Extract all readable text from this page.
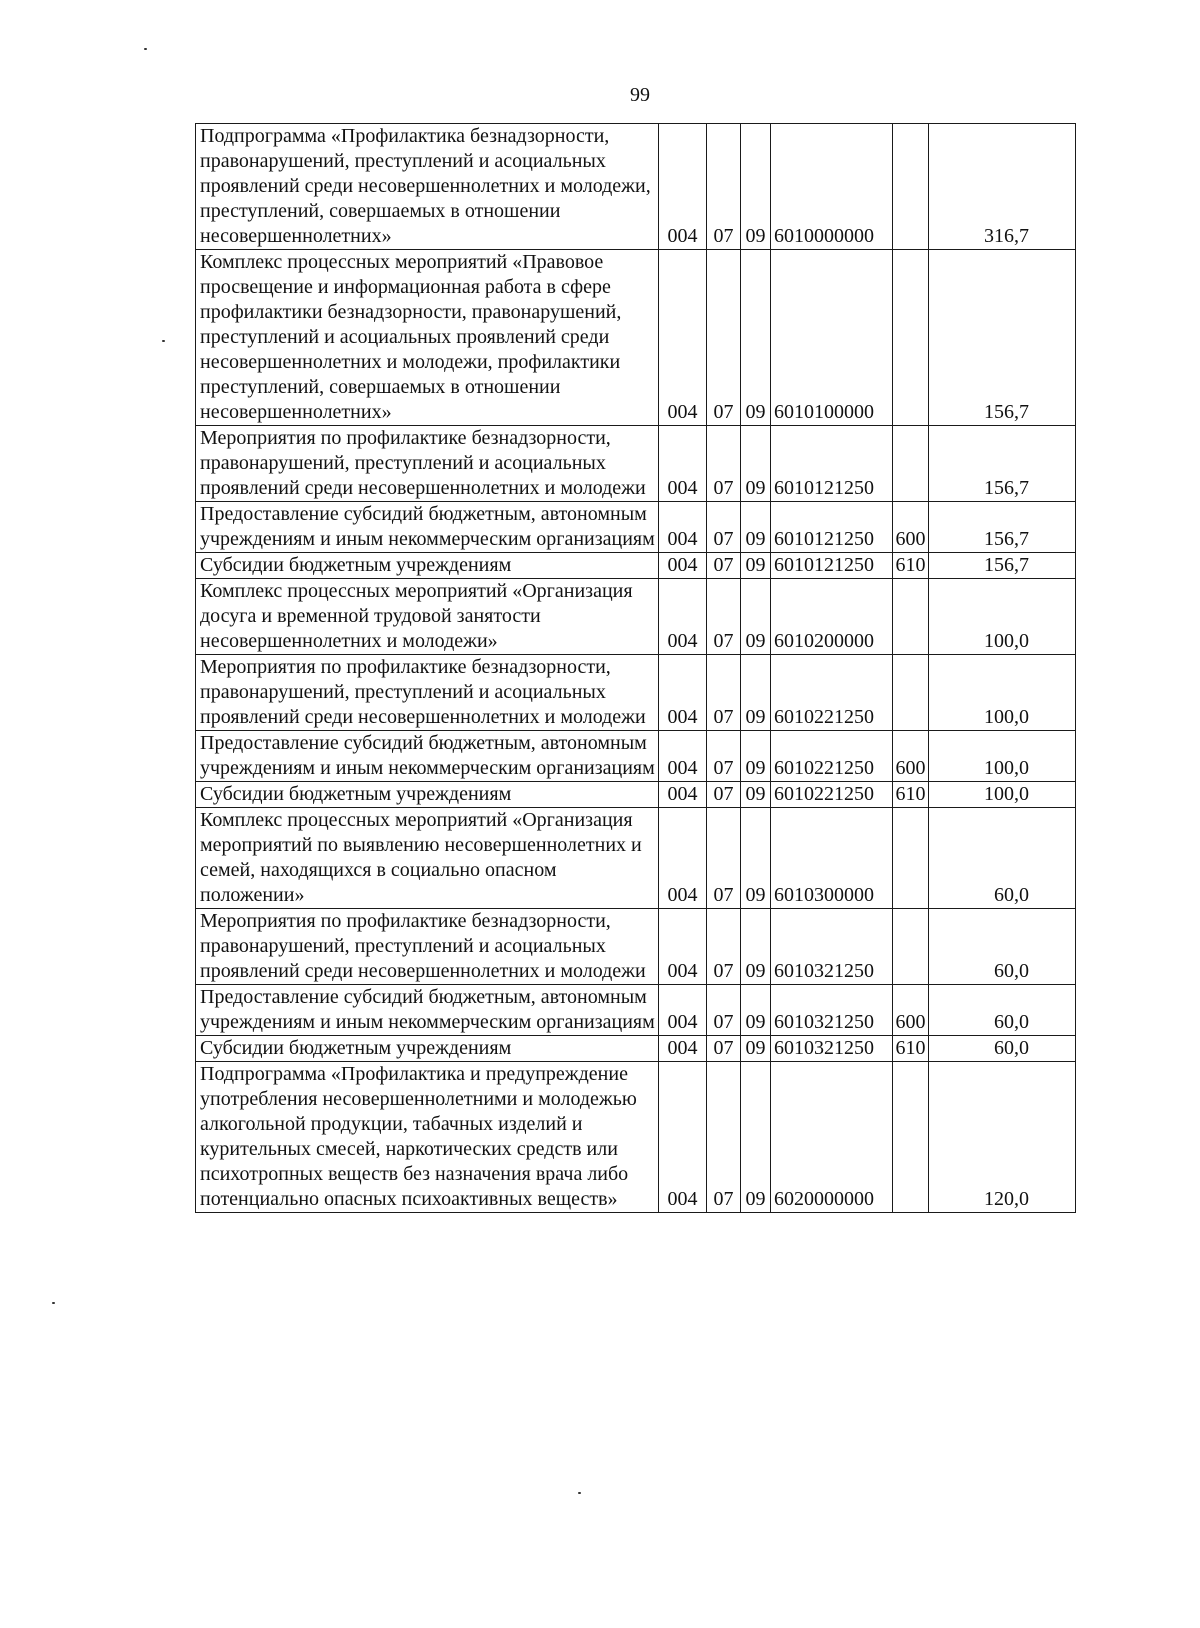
99
Подпрограмма «Профилактика безнадзорности, правонарушений, преступлений и асоциальных проявлений среди несовершеннолетних и молодежи, преступлений, совершаемых в отношении несовершеннолетних»	004	07	09	6010000000		316,7
Комплекс процессных мероприятий «Правовое просвещение и информационная работа в сфере профилактики безнадзорности, правонарушений, преступлений и асоциальных проявлений среди несовершеннолетних и молодежи, профилактики преступлений, совершаемых в отношении несовершеннолетних»	004	07	09	6010100000		156,7
Мероприятия по профилактике безнадзорности, правонарушений, преступлений и асоциальных проявлений среди несовершеннолетних и молодежи	004	07	09	6010121250		156,7
Предоставление субсидий бюджетным, автономным учреждениям и иным некоммерческим организациям	004	07	09	6010121250	600	156,7
Субсидии бюджетным учреждениям	004	07	09	6010121250	610	156,7
Комплекс процессных мероприятий «Организация досуга и временной трудовой занятости несовершеннолетних и молодежи»	004	07	09	6010200000		100,0
Мероприятия по профилактике безнадзорности, правонарушений, преступлений и асоциальных проявлений среди несовершеннолетних и молодежи	004	07	09	6010221250		100,0
Предоставление субсидий бюджетным, автономным учреждениям и иным некоммерческим организациям	004	07	09	6010221250	600	100,0
Субсидии бюджетным учреждениям	004	07	09	6010221250	610	100,0
Комплекс процессных мероприятий «Организация мероприятий по выявлению несовершеннолетних и семей, находящихся в социально опасном положении»	004	07	09	6010300000		60,0
Мероприятия по профилактике безнадзорности, правонарушений, преступлений и асоциальных проявлений среди несовершеннолетних и молодежи	004	07	09	6010321250		60,0
Предоставление субсидий бюджетным, автономным учреждениям и иным некоммерческим организациям	004	07	09	6010321250	600	60,0
Субсидии бюджетным учреждениям	004	07	09	6010321250	610	60,0
Подпрограмма «Профилактика и предупреждение употребления несовершеннолетними и молодежью алкогольной продукции, табачных изделий и курительных смесей, наркотических средств или психотропных веществ без назначения врача либо потенциально опасных психоактивных веществ»	004	07	09	6020000000		120,0
